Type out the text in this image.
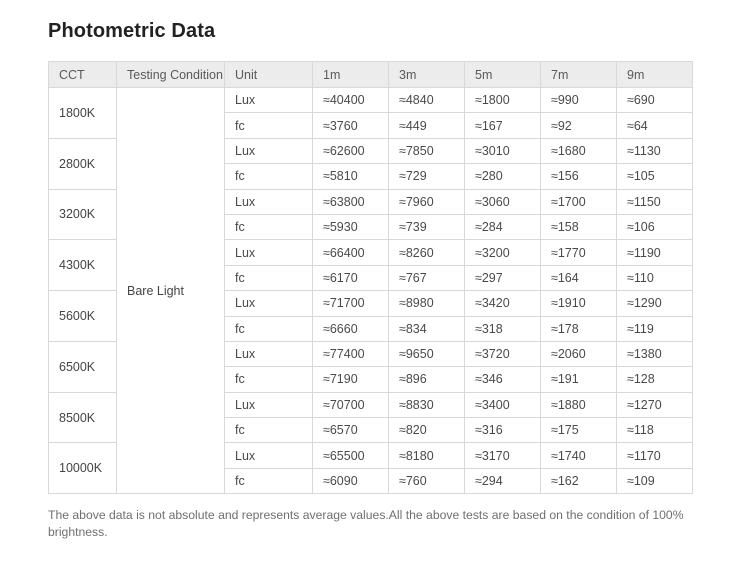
Photometric Data
CCT	Testing Condition	Unit	1m	3m	5m	7m	9m
1800K	Bare Light	Lux	≈40400	≈4840	≈1800	≈990	≈690
		fc	≈3760	≈449	≈167	≈92	≈64
2800K		Lux	≈62600	≈7850	≈3010	≈1680	≈1130
		fc	≈5810	≈729	≈280	≈156	≈105
3200K		Lux	≈63800	≈7960	≈3060	≈1700	≈1150
		fc	≈5930	≈739	≈284	≈158	≈106
4300K		Lux	≈66400	≈8260	≈3200	≈1770	≈1190
		fc	≈6170	≈767	≈297	≈164	≈110
5600K		Lux	≈71700	≈8980	≈3420	≈1910	≈1290
		fc	≈6660	≈834	≈318	≈178	≈119
6500K		Lux	≈77400	≈9650	≈3720	≈2060	≈1380
		fc	≈7190	≈896	≈346	≈191	≈128
8500K		Lux	≈70700	≈8830	≈3400	≈1880	≈1270
		fc	≈6570	≈820	≈316	≈175	≈118
10000K		Lux	≈65500	≈8180	≈3170	≈1740	≈1170
		fc	≈6090	≈760	≈294	≈162	≈109
The above data is not absolute and represents average values.All the above tests are based on the condition of 100% brightness.
